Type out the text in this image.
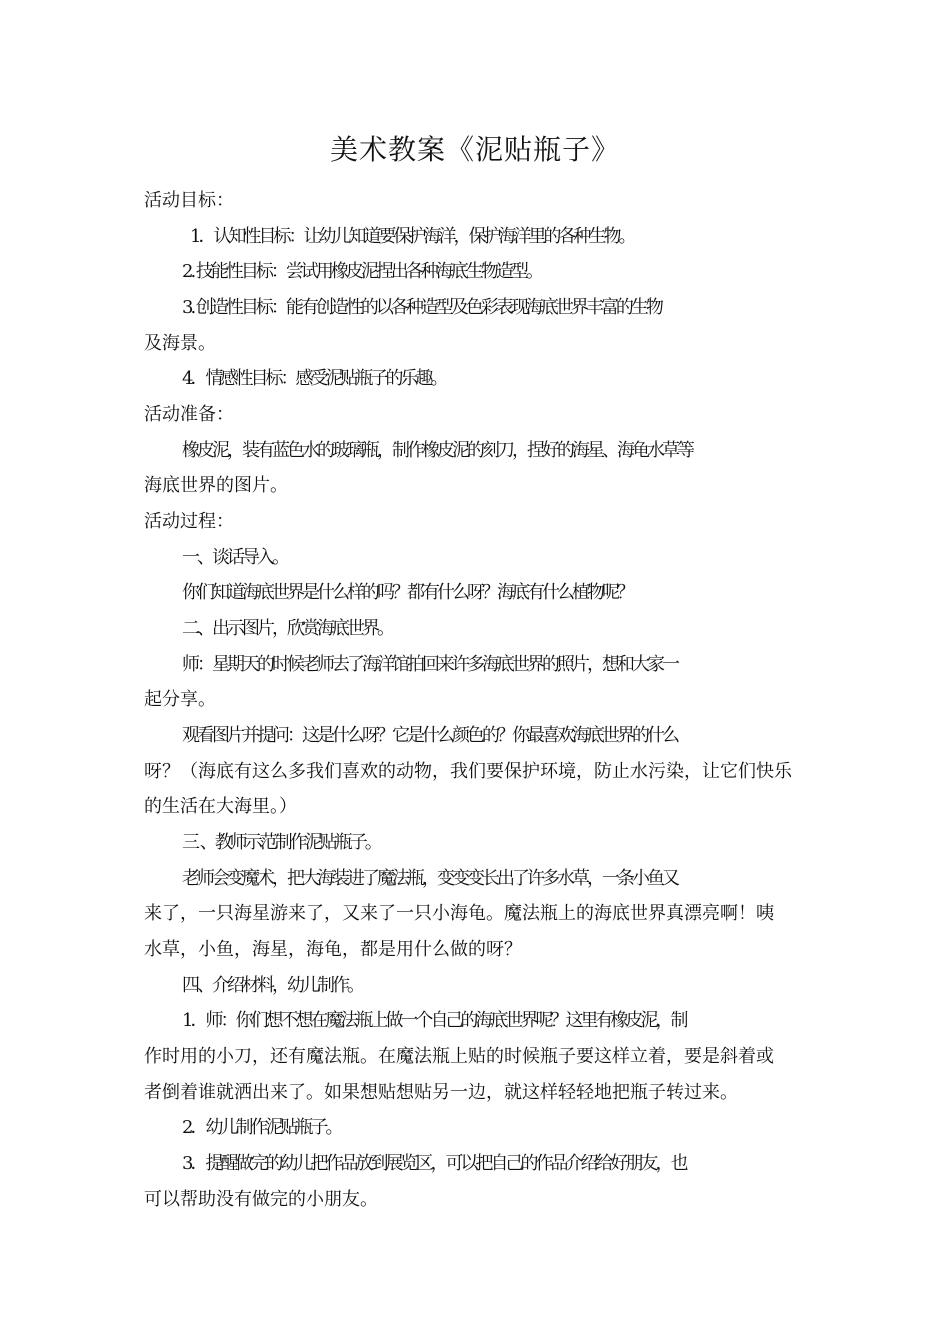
美术教案《泥贴瓶子》
活动目标：
1．认知性目标：让幼儿知道要保护海洋，保护海洋里的各种生物。
2. 技能性目标：尝试用橡皮泥捏出各种海底生物造型。
3. 创造性目标：能有创造性的以各种造型及色彩表现海底世界丰富的生物
及海景。
4．情感性目标：感受泥贴瓶子的乐趣。
活动准备：
橡皮泥，装有蓝色水的玻璃瓶，制作橡皮泥的刻刀，捏好的海星、海龟水草等
海底世界的图片。
活动过程：
一、谈话导入。
你们知道海底世界是什么样的吗？都有什么呀？海底有什么植物呢？
二、出示图片，欣赏海底世界。
师：星期天的时候老师去了海洋馆拍回来许多海底世界的照片，想和大家一
起分享。
观看图片并提问：这是什么呀？它是什么颜色的？你最喜欢海底世界的什么
呀？（海底有这么多我们喜欢的动物，我们要保护环境，防止水污染，让它们快乐
的生活在大海里。）
三 、教师示范制作泥贴瓶子。
老师会变魔术，把大海装进了魔法瓶，变变变长出了许多水草，一条小鱼又
来了，一只海星游来了，又来了一只小海龟。魔法瓶上的海底世界真漂亮啊！咦
水草，小鱼，海星，海龟，都是用什么做的呀？
四、介绍材料，幼儿制作。
1．师：你们想不想在魔法瓶上做一个自己的海底世界呢？这里有橡皮泥，制
作时用的小刀，还有魔法瓶。在魔法瓶上贴的时候瓶子要这样立着，要是斜着或
者倒着谁就洒出来了。如果想贴想贴另一边，就这样轻轻地把瓶子转过来。
2．幼儿制作泥贴瓶子。
3．提醒做完的幼儿把作品放到展览区，可以把自己的作品介绍给好朋友，也
可以帮助没有做完的小朋友。
